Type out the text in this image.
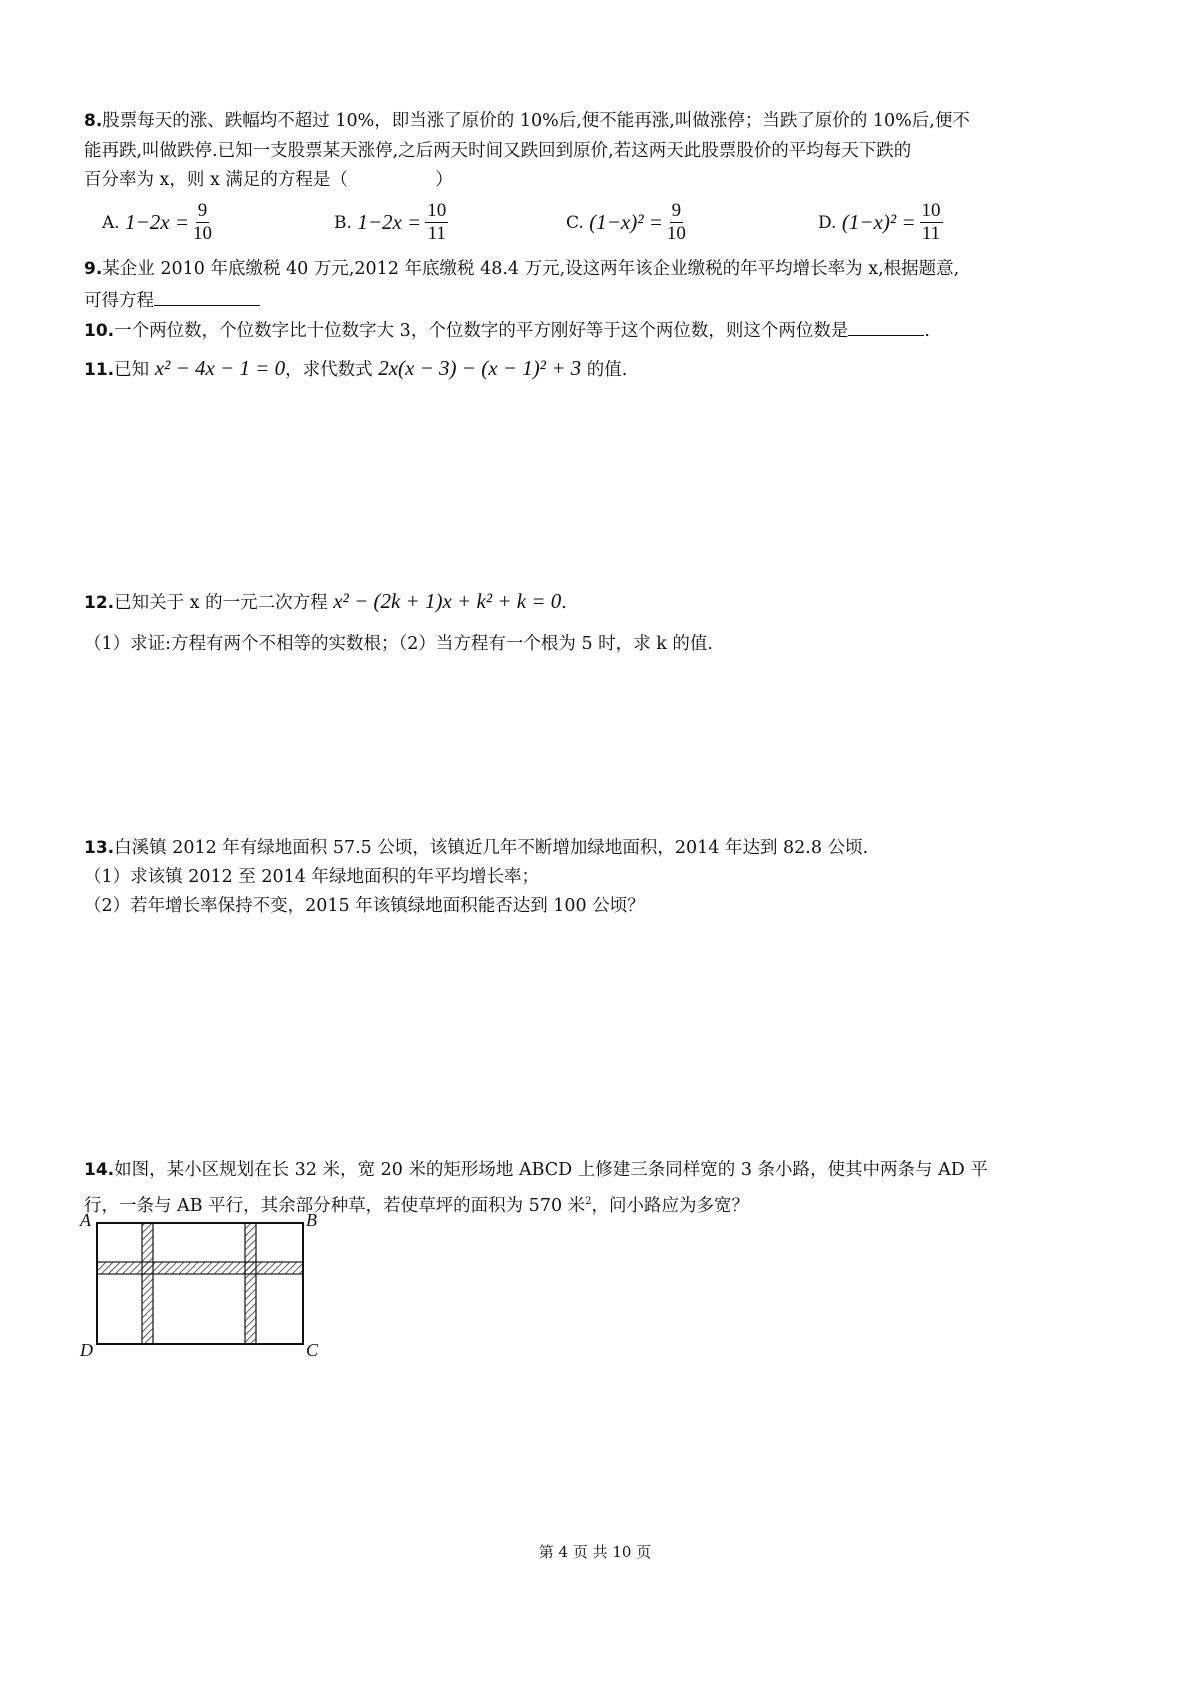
8.股票每天的涨、跌幅均不超过 10%，即当涨了原价的 10%后,便不能再涨,叫做涨停；当跌了原价的 10%后,便不
能再跌,叫做跌停.已知一支股票某天涨停,之后两天时间又跌回到原价,若这两天此股票股价的平均每天下跌的
百分率为 x，则 x 满足的方程是（　　　　　）
A.
$1-2x = \frac{9}{10}$	B.
$1-2x = \frac{10}{11}$	C.
$(1-x)^2 = \frac{9}{10}$	D.
$(1-x)^2 = \frac{10}{11}$
9.某企业 2010 年底缴税 40 万元,2012 年底缴税 48.4 万元,设这两年该企业缴税的年平均增长率为 x,根据题意,
可得方程
10.一个两位数，个位数字比十位数字大 3，个位数字的平方刚好等于这个两位数，则这个两位数是	.
11.已知 x² − 4x − 1 = 0，求代数式 2x(x − 3) − (x − 1)² + 3 的值.
12.已知关于 x 的一元二次方程 x² − (2k + 1)x + k² + k = 0.
（1）求证:方程有两个不相等的实数根；（2）当方程有一个根为 5 时，求 k 的值.
13.白溪镇 2012 年有绿地面积 57.5 公顷，该镇近几年不断增加绿地面积，2014 年达到 82.8 公顷.
（1）求该镇 2012 至 2014 年绿地面积的年平均增长率；
（2）若年增长率保持不变，2015 年该镇绿地面积能否达到 100 公顷？
14.如图，某小区规划在长 32 米，宽 20 米的矩形场地 ABCD 上修建三条同样宽的 3 条小路，使其中两条与 AD 平
行，一条与 AB 平行，其余部分种草，若使草坪的面积为 570 米$^2$，问小路应为多宽？
A	B
C
D
第 4 页 共 10 页
